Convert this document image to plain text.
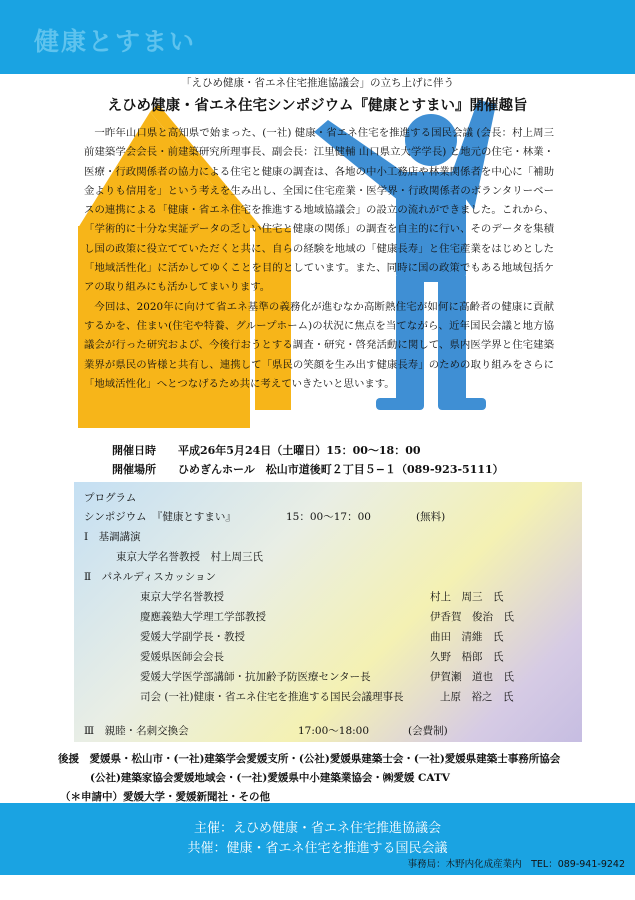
健康とすまい
「えひめ健康・省エネ住宅推進協議会」の立ち上げに伴う
えひめ健康・省エネ住宅シンポジウム『健康とすまい』開催趣旨

一昨年山口県と高知県で始まった、(一社) 健康・省エネ住宅を推進する国民会議 (会長：村上周三 前建築学会会長・前建築研究所理事長、副会長：江里健輔 山口県立大学学長) と地元の住宅・林業・医療・行政関係者の協力による住宅と健康の調査は、各地の中小工務店や林業関係者を中心に「補助金よりも信用を」という考えを生み出し、全国に住宅産業・医学界・行政関係者のボランタリーベースの連携による「健康・省エネ住宅を推進する地域協議会」の設立の流れができました。これから、「学術的に十分な実証データの乏しい住宅と健康の関係」の調査を自主的に行い、そのデータを集積し国の政策に役立てていただくと共に、自らの経験を地域の「健康長寿」と住宅産業をはじめとした「地域活性化」に活かしてゆくことを目的としています。また、同時に国の政策でもある地域包括ケアの取り組みにも活かしてまいります。

今回は、2020年に向けて省エネ基準の義務化が進むなか高断熱住宅が如何に高齢者の健康に貢献するかを、住まい(住宅や特養、グループホーム)の状況に焦点を当てながら、近年国民会議と地方協議会が行った研究および、今後行おうとする調査・研究・啓発活動に関して、県内医学界と住宅建築業界が県民の皆様と共有し、連携して「県民の笑顔を生み出す健康長寿」のための取り組みをさらに「地域活性化」へとつなげるため共に考えていきたいと思います。

開催日時 平成26年5月24日（土曜日）15：00～18：00
開催場所 ひめぎんホール　松山市道後町２丁目５−１（089-923-5111）
プログラム
シンポジウム　『健康とすまい』	15：00～17：00	(無料)
Ⅰ　基調講演
東京大学名誉教授　村上周三氏
Ⅱ　パネルディスカッション
東京大学名誉教授	村上　周三　氏
慶應義塾大学理工学部教授	伊香賀　俊治　氏
愛媛大学副学長・教授	曲田　清維　氏
愛媛県医師会会長	久野　梧郎　氏
愛媛大学医学部講師・抗加齢予防医療センター長	伊賀瀬　道也　氏
司会 (一社)健康・省エネ住宅を推進する国民会議理事長	上原　裕之　氏
Ⅲ　親睦・名刺交換会	17:00～18:00	(会費制)
後援　愛媛県・松山市・(一社)建築学会愛媛支所・(公社)愛媛県建築士会・(一社)愛媛県建築士事務所協会
(公社)建築家協会愛媛地域会・(一社)愛媛県中小建築業協会・㈱愛媛 CATV
（＊申請中）愛媛大学・愛媛新聞社・その他
主催：えひめ健康・省エネ住宅推進協議会
共催：健康・省エネ住宅を推進する国民会議
事務局：木野内化成産業内　TEL：089-941-9242
